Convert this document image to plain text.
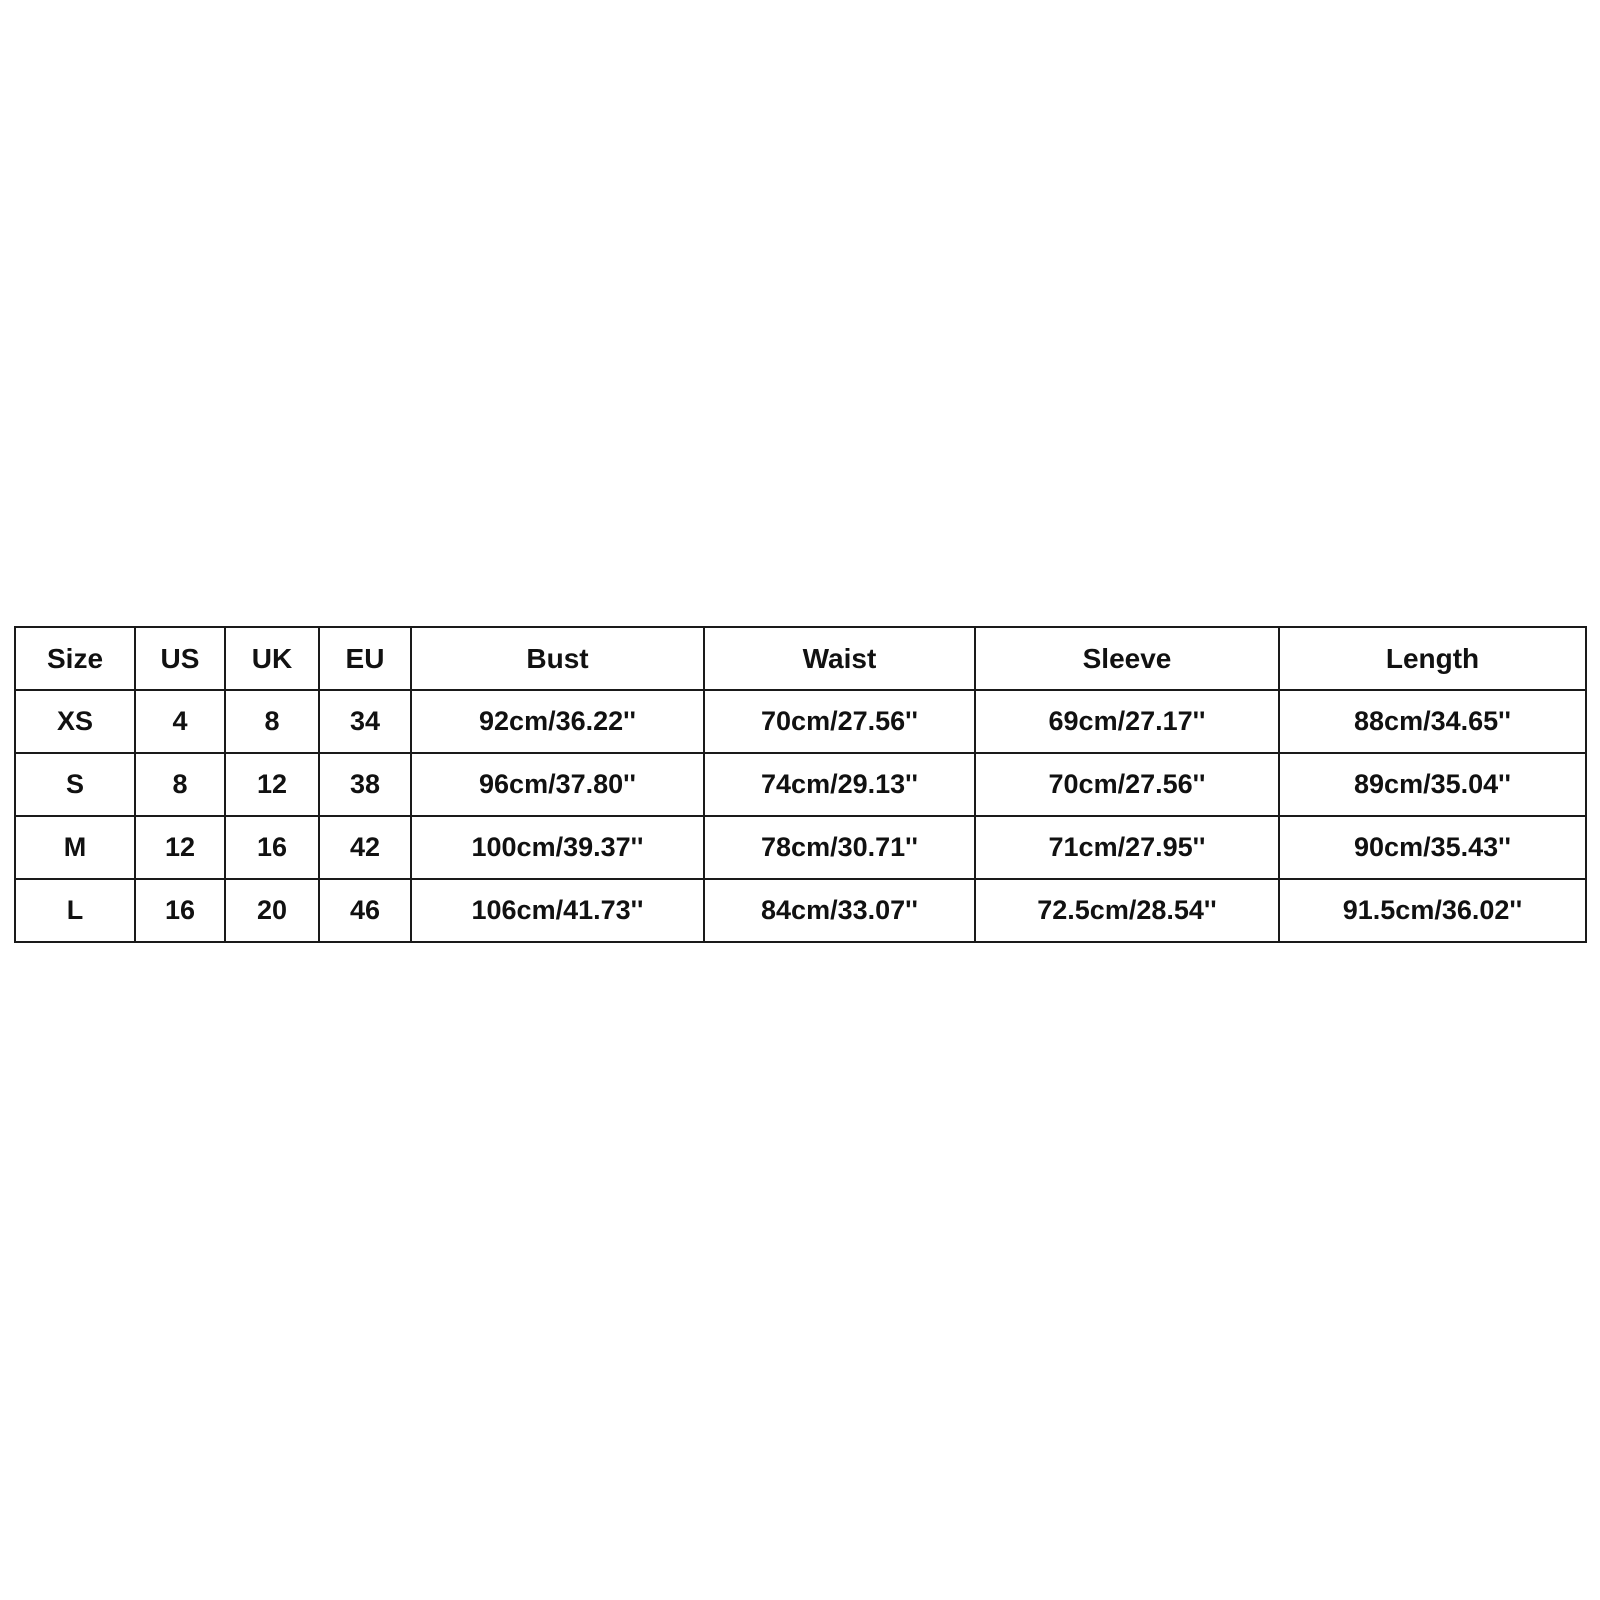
Size	US	UK	EU	Bust	Waist	Sleeve	Length
XS	4	8	34	92cm/36.22''	70cm/27.56''	69cm/27.17''	88cm/34.65''
S	8	12	38	96cm/37.80''	74cm/29.13''	70cm/27.56''	89cm/35.04''
M	12	16	42	100cm/39.37''	78cm/30.71''	71cm/27.95''	90cm/35.43''
L	16	20	46	106cm/41.73''	84cm/33.07''	72.5cm/28.54''	91.5cm/36.02''
